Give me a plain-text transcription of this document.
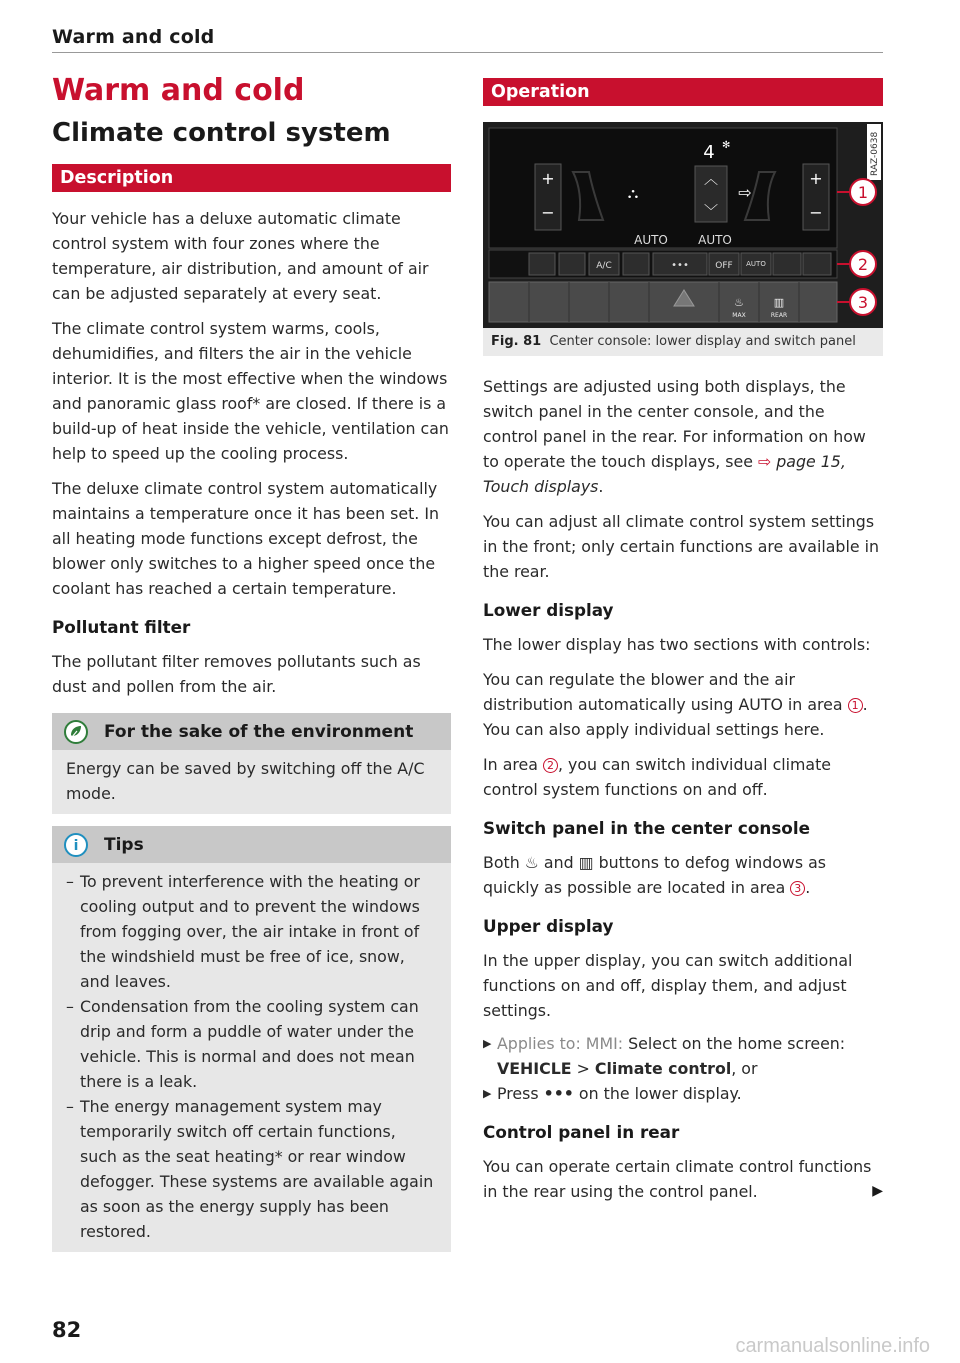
Warm and cold
Warm and cold
Climate control system
Description

Your vehicle has a deluxe automatic climate control system with four zones where the temperature, air distribution, and amount of air can be adjusted separately at every seat.

The climate control system warms, cools, dehumidifies, and filters the air in the vehicle interior. It is the most effective when the windows and panoramic glass roof* are closed. If there is a build-up of heat inside the vehicle, ventilation can help to speed up the cooling process.

The deluxe climate control system automatically maintains a temperature once it has been set. In all heating mode functions except defrost, the blower only switches to a higher speed once the coolant has reached a certain temperature.

Pollutant filter

The pollutant filter removes pollutants such as dust and pollen from the air.

For the sake of the environment
Energy can be saved by switching off the A/C mode.
i Tips
– To prevent interference with the heating or cooling output and to prevent the windows from fogging over, the air intake in front of the windshield must be free of ice, snow, and leaves.
– Condensation from the cooling system can drip and form a puddle of water under the vehicle. This is normal and does not mean there is a leak.
– The energy management system may temporarily switch off certain functions, such as the seat heating* or rear window defogger. These systems are available again as soon as the energy supply has been restored.
Operation
RAZ-0638
+
−
+
−
4 ✻
︿
﹀
⇨
⛬
AUTO	AUTO
A/C	•••	OFF AUTO
MAX	REAR
♨	▥
1
2
3
Fig. 81 Center console: lower display and switch panel

Settings are adjusted using both displays, the switch panel in the center console, and the control panel in the rear. For information on how to operate the touch displays, see ⇨ page 15, Touch displays.

You can adjust all climate control system settings in the front; only certain functions are available in the rear.

Lower display

The lower display has two sections with controls:

You can regulate the blower and the air distribution automatically using AUTO in area 1 . You can also apply individual settings here.

In area 2 , you can switch individual climate control system functions on and off.

Switch panel in the center console

Both ♨ and ▥ buttons to defog windows as quickly as possible are located in area 3 .

Upper display

In the upper display, you can switch additional functions on and off, display them, and adjust settings.

▶ Applies to: MMI: Select on the home screen:
VEHICLE > Climate control, or
▶ Press ••• on the lower display.
Control panel in rear

You can operate certain climate control functions in the rear using the control panel.	▶

82
carmanualsonline.info
